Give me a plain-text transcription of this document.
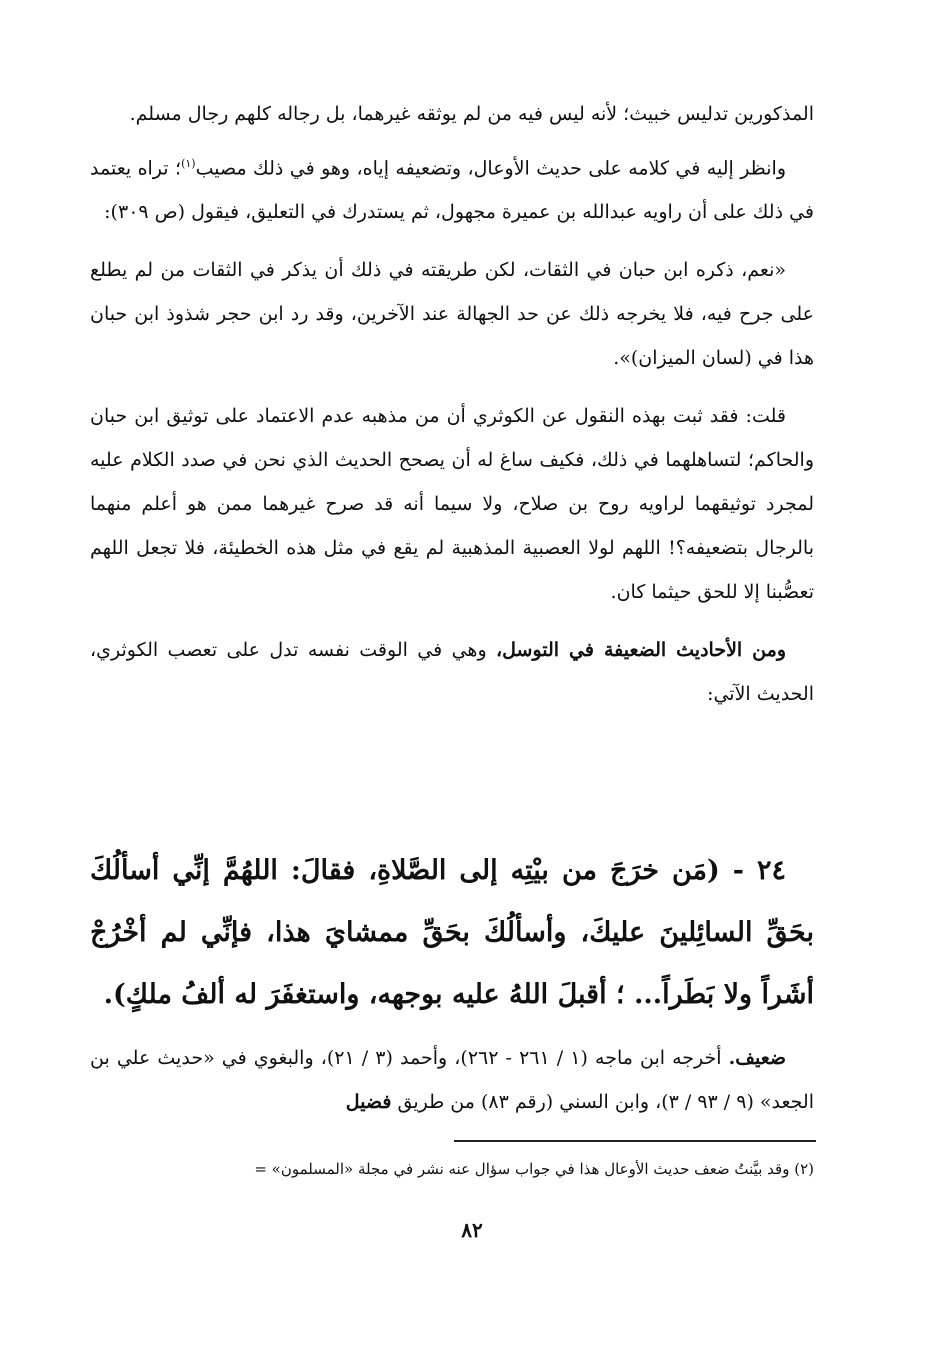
المذكورين تدليس خبيث؛ لأنه ليس فيه من لم يوثقه غيرهما، بل رجاله كلهم رجال مسلم.

وانظر إليه في كلامه على حديث الأوعال، وتضعيفه إياه، وهو في ذلك مصيب$^{(١)}$؛ تراه يعتمد في ذلك على أن راويه عبدالله بن عميرة مجهول، ثم يستدرك في التعليق، فيقول (ص ٣٠٩):

«نعم، ذكره ابن حبان في الثقات، لكن طريقته في ذلك أن يذكر في الثقات من لم يطلع على جرح فيه، فلا يخرجه ذلك عن حد الجهالة عند الآخرين، وقد رد ابن حجر شذوذ ابن حبان هذا في (لسان الميزان)».

قلت: فقد ثبت بهذه النقول عن الكوثري أن من مذهبه عدم الاعتماد على توثيق ابن حبان والحاكم؛ لتساهلهما في ذلك، فكيف ساغ له أن يصحح الحديث الذي نحن في صدد الكلام عليه لمجرد توثيقهما لراويه روح بن صلاح، ولا سيما أنه قد صرح غيرهما ممن هو أعلم منهما بالرجال بتضعيفه؟! اللهم لولا العصبية المذهبية لم يقع في مثل هذه الخطيئة، فلا تجعل اللهم تعصُّبنا إلا للحق حيثما كان.

ومن الأحاديث الضعيفة في التوسل، وهي في الوقت نفسه تدل على تعصب الكوثري، الحديث الآتي:

٢٤ - (مَن خرَجَ من بيْتِه إلى الصَّلاةِ، فقالَ: اللهُمَّ إنِّي أسألُكَ بحَقِّ السائِلينَ عليكَ، وأسألُكَ بحَقِّ ممشايَ هذا، فإنِّي لم أخْرُجْ أشَراً ولا بَطَراً... ؛ أقبلَ اللهُ عليه بوجهه، واستغفَرَ له ألفُ ملكٍ).

ضعيف. أخرجه ابن ماجه (١ / ٢٦١ - ٢٦٢)، وأحمد (٣ / ٢١)، والبغوي في «حديث علي بن الجعد» (٩ / ٩٣ / ٣)، وابن السني (رقم ٨٣) من طريق فضيل

(٢) وقد بيَّنتُ ضعف حديث الأوعال هذا في جواب سؤال عنه نشر في مجلة «المسلمون» =

٨٢
